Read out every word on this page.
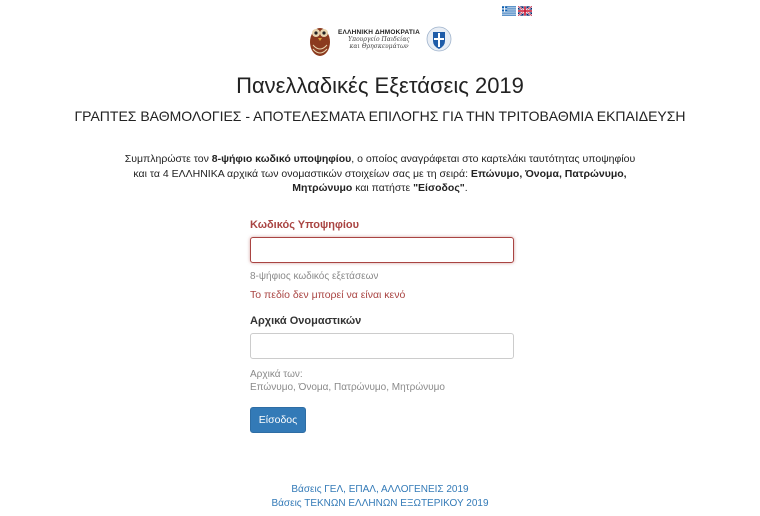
ΕΛΛΗΝΙΚΗ ΔΗΜΟΚΡΑΤΙΑ
Υπουργείο Παιδείας
και Θρησκευμάτων
Πανελλαδικές Εξετάσεις 2019
ΓΡΑΠΤΕΣ ΒΑΘΜΟΛΟΓΙΕΣ - ΑΠΟΤΕΛΕΣΜΑΤΑ ΕΠΙΛΟΓΗΣ ΓΙΑ ΤΗΝ ΤΡΙΤΟΒΑΘΜΙΑ ΕΚΠΑΙΔΕΥΣΗ
Συμπληρώστε τον 8-ψήφιο κωδικό υποψηφίου, ο οποίος αναγράφεται στο καρτελάκι ταυτότητας υποψηφίου και τα 4 ΕΛΛΗΝΙΚΑ αρχικά των ονομαστικών στοιχείων σας με τη σειρά: Επώνυμο, Όνομα, Πατρώνυμο, Μητρώνυμο και πατήστε "Είσοδος".
Κωδικός Υποψηφίου
8-ψήφιος κωδικός εξετάσεων
Το πεδίο δεν μπορεί να είναι κενό
Αρχικά Ονομαστικών
Αρχικά των:
Επώνυμο, Όνομα, Πατρώνυμο, Μητρώνυμο
Είσοδος
Βάσεις ΓΕΛ, ΕΠΑΛ, ΑΛΛΟΓΕΝΕΙΣ 2019
Βάσεις ΤΕΚΝΩΝ ΕΛΛΗΝΩΝ ΕΞΩΤΕΡΙΚΟΥ 2019
